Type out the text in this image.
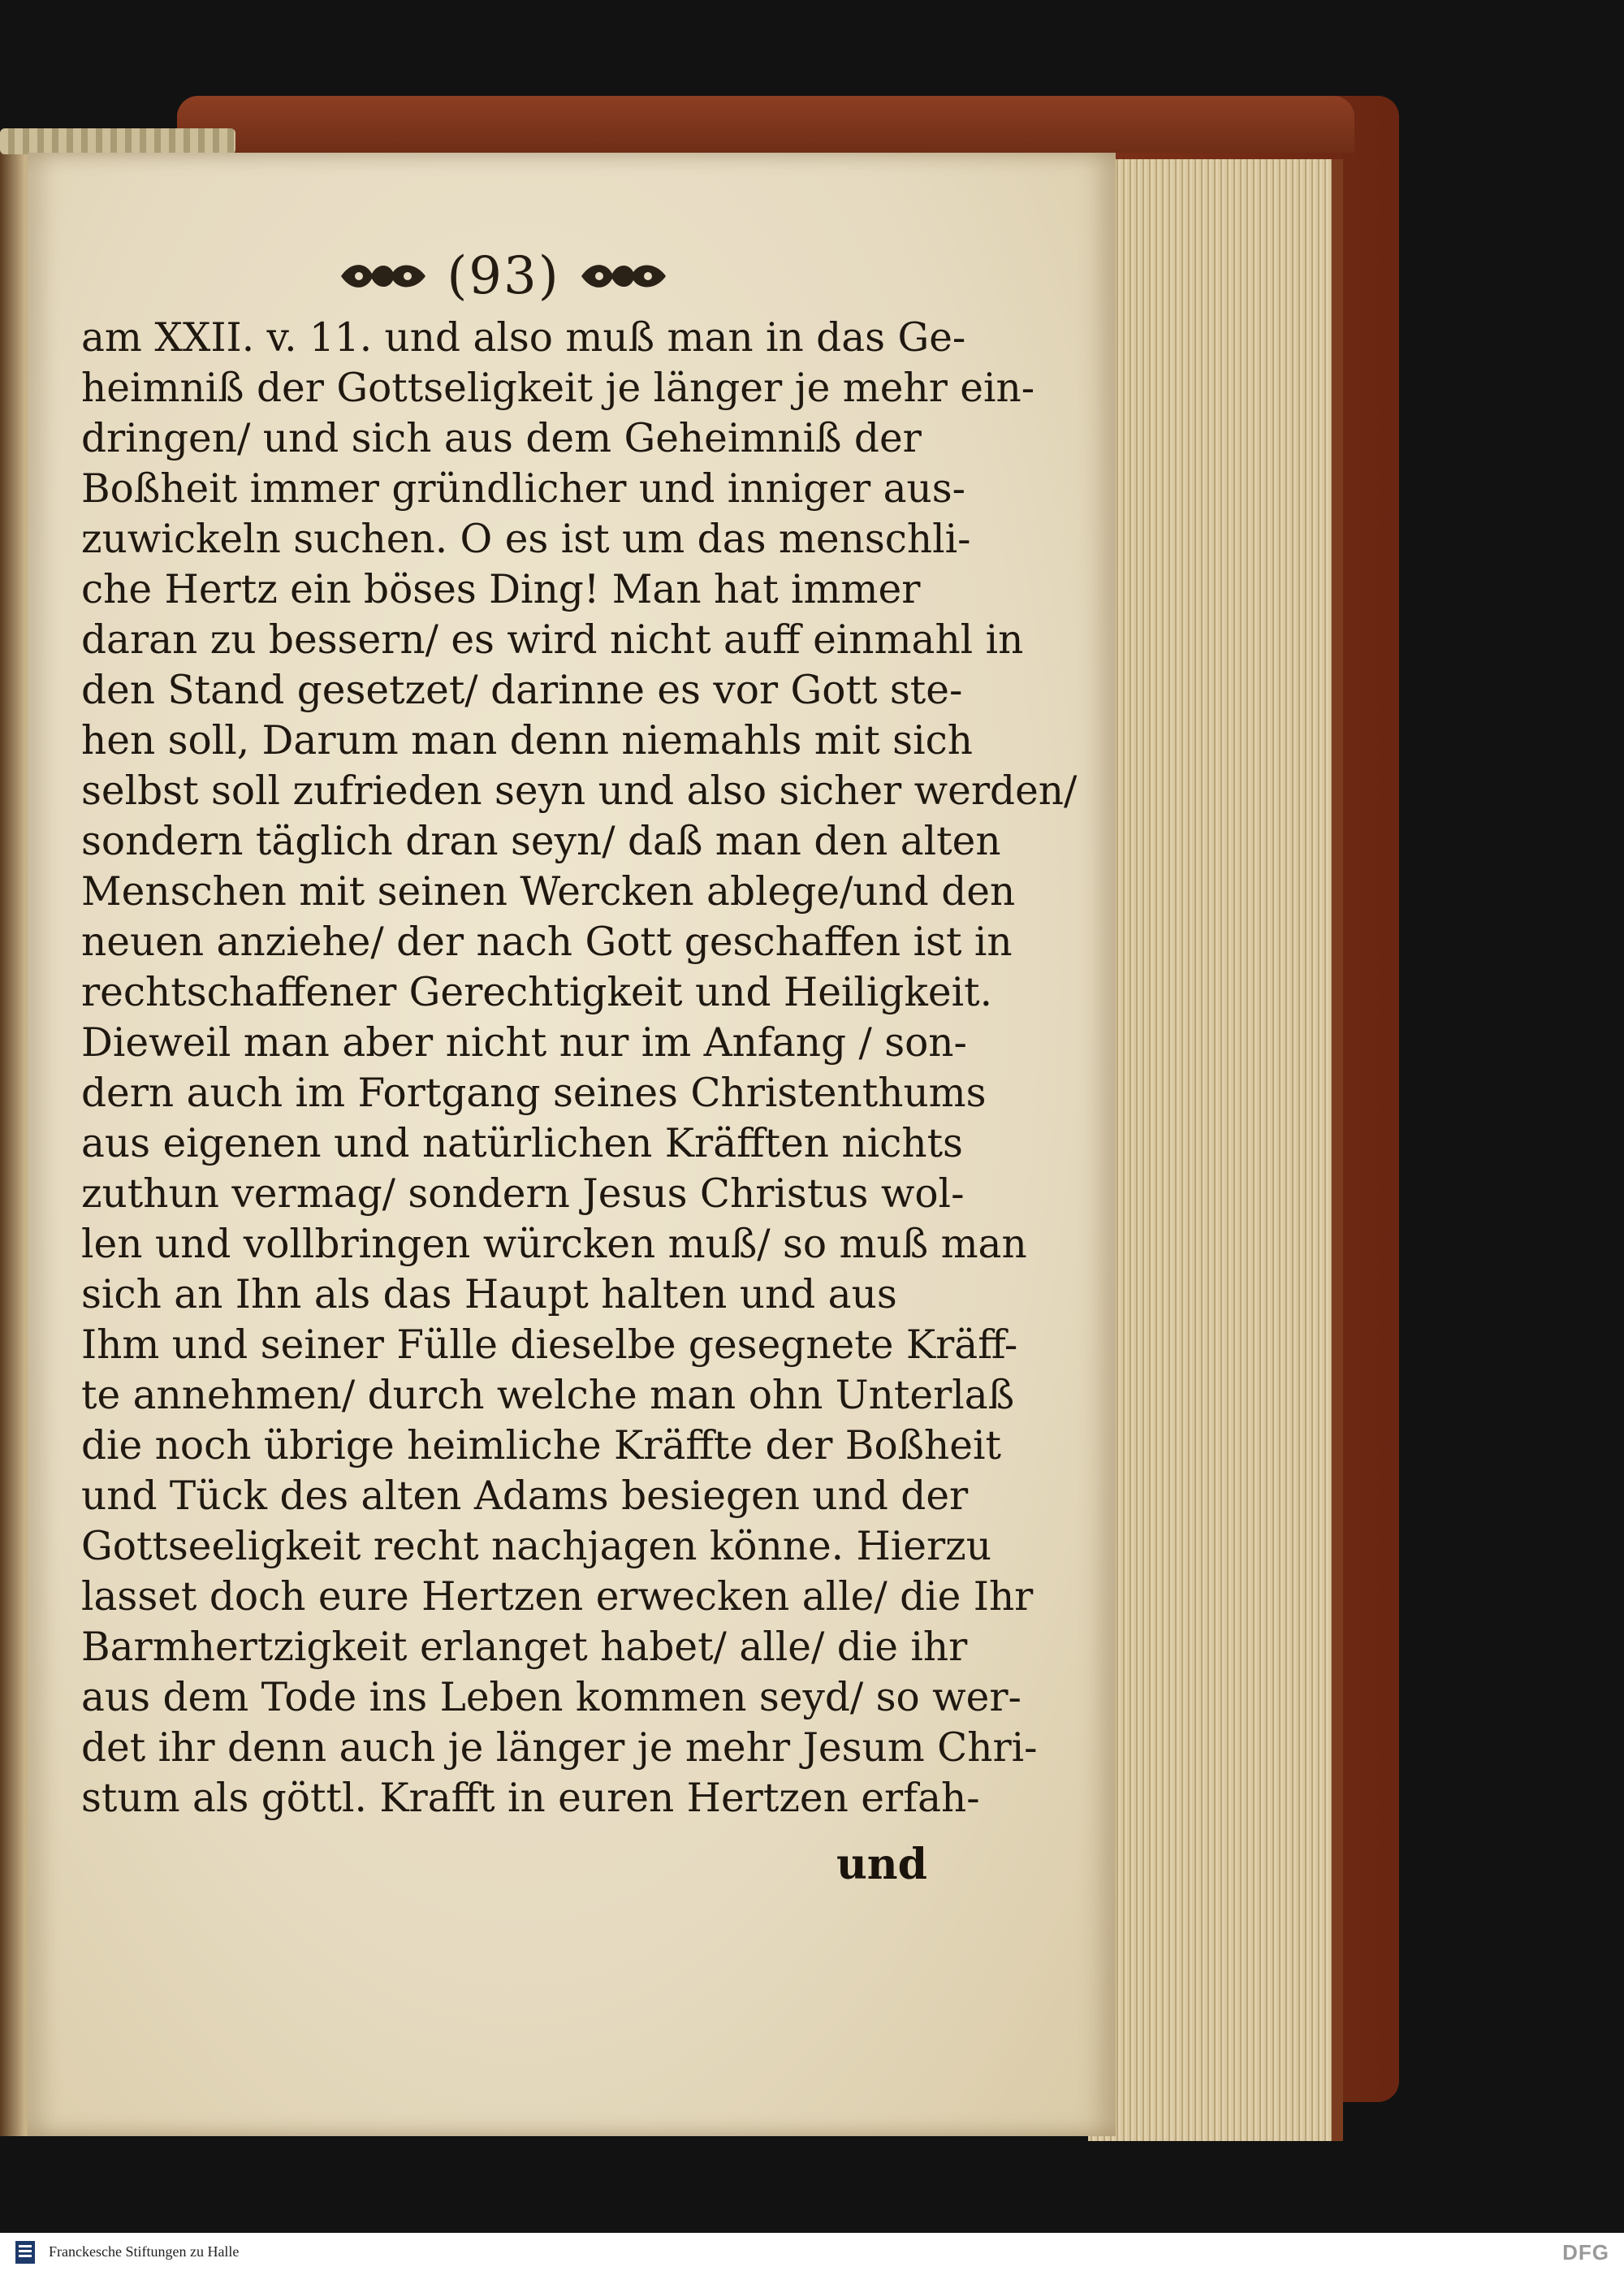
(93)
am XXII. v. 11. und also muß man in das Ge-
heimniß der Gottseligkeit je länger je mehr ein-
dringen/ und sich aus dem Geheimniß der
Boßheit immer gründlicher und inniger aus-
zuwickeln suchen. O es ist um das menschli-
che Hertz ein böses Ding! Man hat immer
daran zu bessern/ es wird nicht auff einmahl in
den Stand gesetzet/ darinne es vor Gott ste-
hen soll, Darum man denn niemahls mit sich
selbst soll zufrieden seyn und also sicher werden/
sondern täglich dran seyn/ daß man den alten
Menschen mit seinen Wercken ablege/und den
neuen anziehe/ der nach Gott geschaffen ist in
rechtschaffener Gerechtigkeit und Heiligkeit.
Dieweil man aber nicht nur im Anfang / son-
dern auch im Fortgang seines Christenthums
aus eigenen und natürlichen Kräfften nichts
zuthun vermag/ sondern Jesus Christus wol-
len und vollbringen würcken muß/ so muß man
sich an Ihn als das Haupt halten und aus
Ihm und seiner Fülle dieselbe gesegnete Kräff-
te annehmen/ durch welche man ohn Unterlaß
die noch übrige heimliche Kräffte der Boßheit
und Tück des alten Adams besiegen und der
Gottseeligkeit recht nachjagen könne. Hierzu
lasset doch eure Hertzen erwecken alle/ die Ihr
Barmhertzigkeit erlanget habet/ alle/ die ihr
aus dem Tode ins Leben kommen seyd/ so wer-
det ihr denn auch je länger je mehr Jesum Chri-
stum als göttl. Krafft in euren Hertzen erfah-
und
Franckesche Stiftungen zu Halle	DFG
